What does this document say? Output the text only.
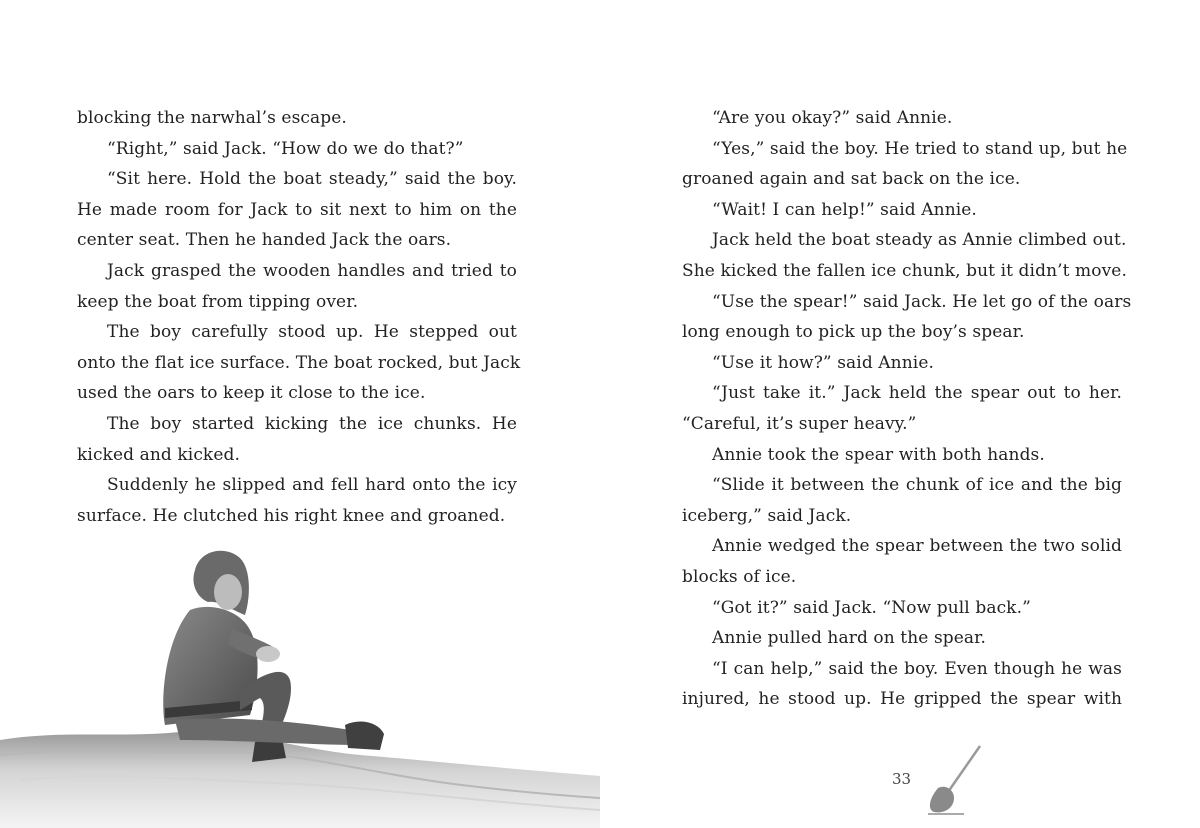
blocking the narwhal’s escape.
“Right,” said Jack. “How do we do that?”
“Sit here. Hold the boat steady,” said the boy.
He made room for Jack to sit next to him on the
center seat. Then he handed Jack the oars.
Jack grasped the wooden handles and tried to
keep the boat from tipping over.
The boy carefully stood up. He stepped out
onto the flat ice surface. The boat rocked, but Jack
used the oars to keep it close to the ice.
The boy started kicking the ice chunks. He
kicked and kicked.
Suddenly he slipped and fell hard onto the icy
surface. He clutched his right knee and groaned.
“Are you okay?” said Annie.
“Yes,” said the boy. He tried to stand up, but he
groaned again and sat back on the ice.
“Wait! I can help!” said Annie.
Jack held the boat steady as Annie climbed out.
She kicked the fallen ice chunk, but it didn’t move.
“Use the spear!” said Jack. He let go of the oars
long enough to pick up the boy’s spear.
“Use it how?” said Annie.
“Just take it.” Jack held the spear out to her.
“Careful, it’s super heavy.”
Annie took the spear with both hands.
“Slide it between the chunk of ice and the big
iceberg,” said Jack.
Annie wedged the spear between the two solid
blocks of ice.
“Got it?” said Jack. “Now pull back.”
Annie pulled hard on the spear.
“I can help,” said the boy. Even though he was
injured, he stood up. He gripped the spear with
33
